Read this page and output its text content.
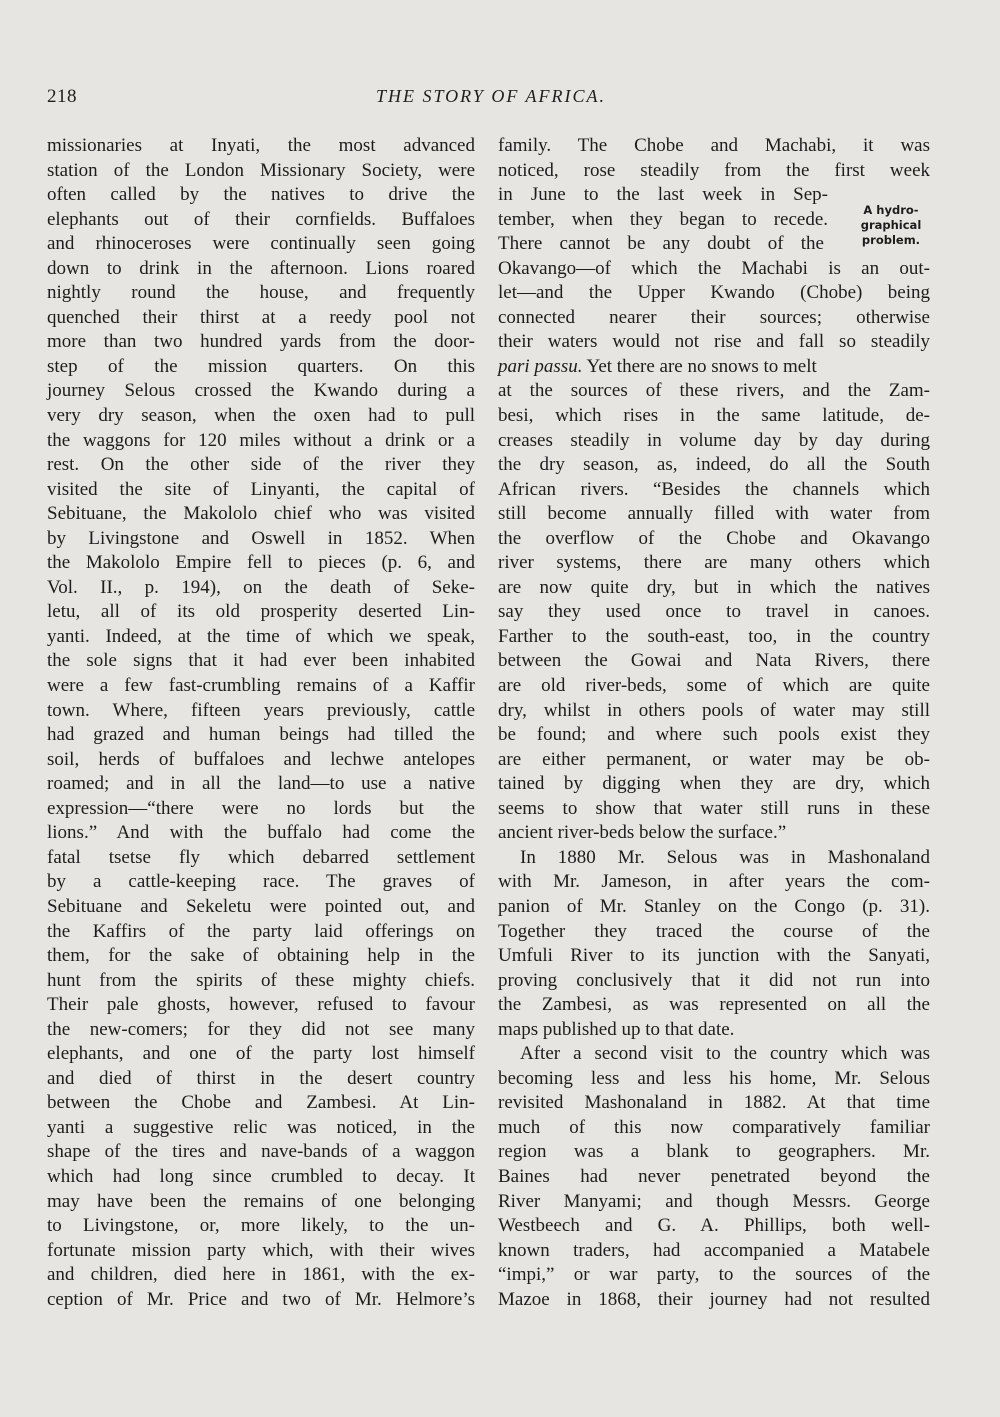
218	THE STORY OF AFRICA.
missionaries at Inyati, the most advanced
station of the London Missionary Society, were
often called by the natives to drive the
elephants out of their cornfields. Buffaloes
and rhinoceroses were continually seen going
down to drink in the afternoon. Lions roared
nightly round the house, and frequently
quenched their thirst at a reedy pool not
more than two hundred yards from the door-
step of the mission quarters. On this
journey Selous crossed the Kwando during a
very dry season, when the oxen had to pull
the waggons for 120 miles without a drink or a
rest. On the other side of the river they
visited the site of Linyanti, the capital of
Sebituane, the Makololo chief who was visited
by Livingstone and Oswell in 1852. When
the Makololo Empire fell to pieces (p. 6, and
Vol. II., p. 194), on the death of Seke-
letu, all of its old prosperity deserted Lin-
yanti. Indeed, at the time of which we speak,
the sole signs that it had ever been inhabited
were a few fast-crumbling remains of a Kaffir
town. Where, fifteen years previously, cattle
had grazed and human beings had tilled the
soil, herds of buffaloes and lechwe antelopes
roamed; and in all the land—to use a native
expression—“there were no lords but the
lions.” And with the buffalo had come the
fatal tsetse fly which debarred settlement
by a cattle-keeping race. The graves of
Sebituane and Sekeletu were pointed out, and
the Kaffirs of the party laid offerings on
them, for the sake of obtaining help in the
hunt from the spirits of these mighty chiefs.
Their pale ghosts, however, refused to favour
the new-comers; for they did not see many
elephants, and one of the party lost himself
and died of thirst in the desert country
between the Chobe and Zambesi. At Lin-
yanti a suggestive relic was noticed, in the
shape of the tires and nave-bands of a waggon
which had long since crumbled to decay. It
may have been the remains of one belonging
to Livingstone, or, more likely, to the un-
fortunate mission party which, with their wives
and children, died here in 1861, with the ex-
ception of Mr. Price and two of Mr. Helmore’s
family. The Chobe and Machabi, it was
noticed, rose steadily from the first week
in June to the last week in Sep-
tember, when they began to recede.
There cannot be any doubt of the
Okavango—of which the Machabi is an out-
let—and the Upper Kwando (Chobe) being
connected nearer their sources; otherwise
their waters would not rise and fall so steadily
pari passu. Yet there are no snows to melt
at the sources of these rivers, and the Zam-
besi, which rises in the same latitude, de-
creases steadily in volume day by day during
the dry season, as, indeed, do all the South
African rivers. “Besides the channels which
still become annually filled with water from
the overflow of the Chobe and Okavango
river systems, there are many others which
are now quite dry, but in which the natives
say they used once to travel in canoes.
Farther to the south-east, too, in the country
between the Gowai and Nata Rivers, there
are old river-beds, some of which are quite
dry, whilst in others pools of water may still
be found; and where such pools exist they
are either permanent, or water may be ob-
tained by digging when they are dry, which
seems to show that water still runs in these
ancient river-beds below the surface.”
In 1880 Mr. Selous was in Mashonaland
with Mr. Jameson, in after years the com-
panion of Mr. Stanley on the Congo (p. 31).
Together they traced the course of the
Umfuli River to its junction with the Sanyati,
proving conclusively that it did not run into
the Zambesi, as was represented on all the
maps published up to that date.
After a second visit to the country which was
becoming less and less his home, Mr. Selous
revisited Mashonaland in 1882. At that time
much of this now comparatively familiar
region was a blank to geographers. Mr.
Baines had never penetrated beyond the
River Manyami; and though Messrs. George
Westbeech and G. A. Phillips, both well-
known traders, had accompanied a Matabele
“impi,” or war party, to the sources of the
Mazoe in 1868, their journey had not resulted
A hydro-
graphical
problem.
